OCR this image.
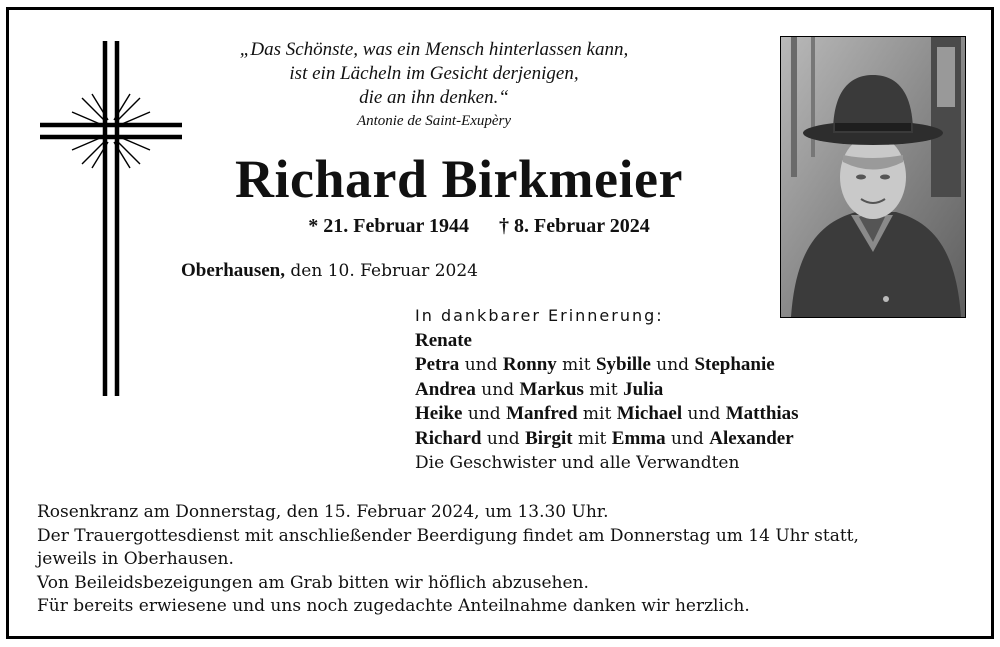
„Das Schönste, was ein Mensch hinterlassen kann,
ist ein Lächeln im Gesicht derjenigen,
die an ihn denken.“
Antonie de Saint-Exupèry
Richard Birkmeier
* 21. Februar 1944 † 8. Februar 2024
Oberhausen, den 10. Februar 2024
In dankbarer Erinnerung:
Renate
Petra und Ronny mit Sybille und Stephanie
Andrea und Markus mit Julia
Heike und Manfred mit Michael und Matthias
Richard und Birgit mit Emma und Alexander
Die Geschwister und alle Verwandten
Rosenkranz am Donnerstag, den 15. Februar 2024, um 13.30 Uhr.
Der Trauergottesdienst mit anschließender Beerdigung findet am Donnerstag um 14 Uhr statt,
jeweils in Oberhausen.
Von Beileidsbezeigungen am Grab bitten wir höflich abzusehen.
Für bereits erwiesene und uns noch zugedachte Anteilnahme danken wir herzlich.
